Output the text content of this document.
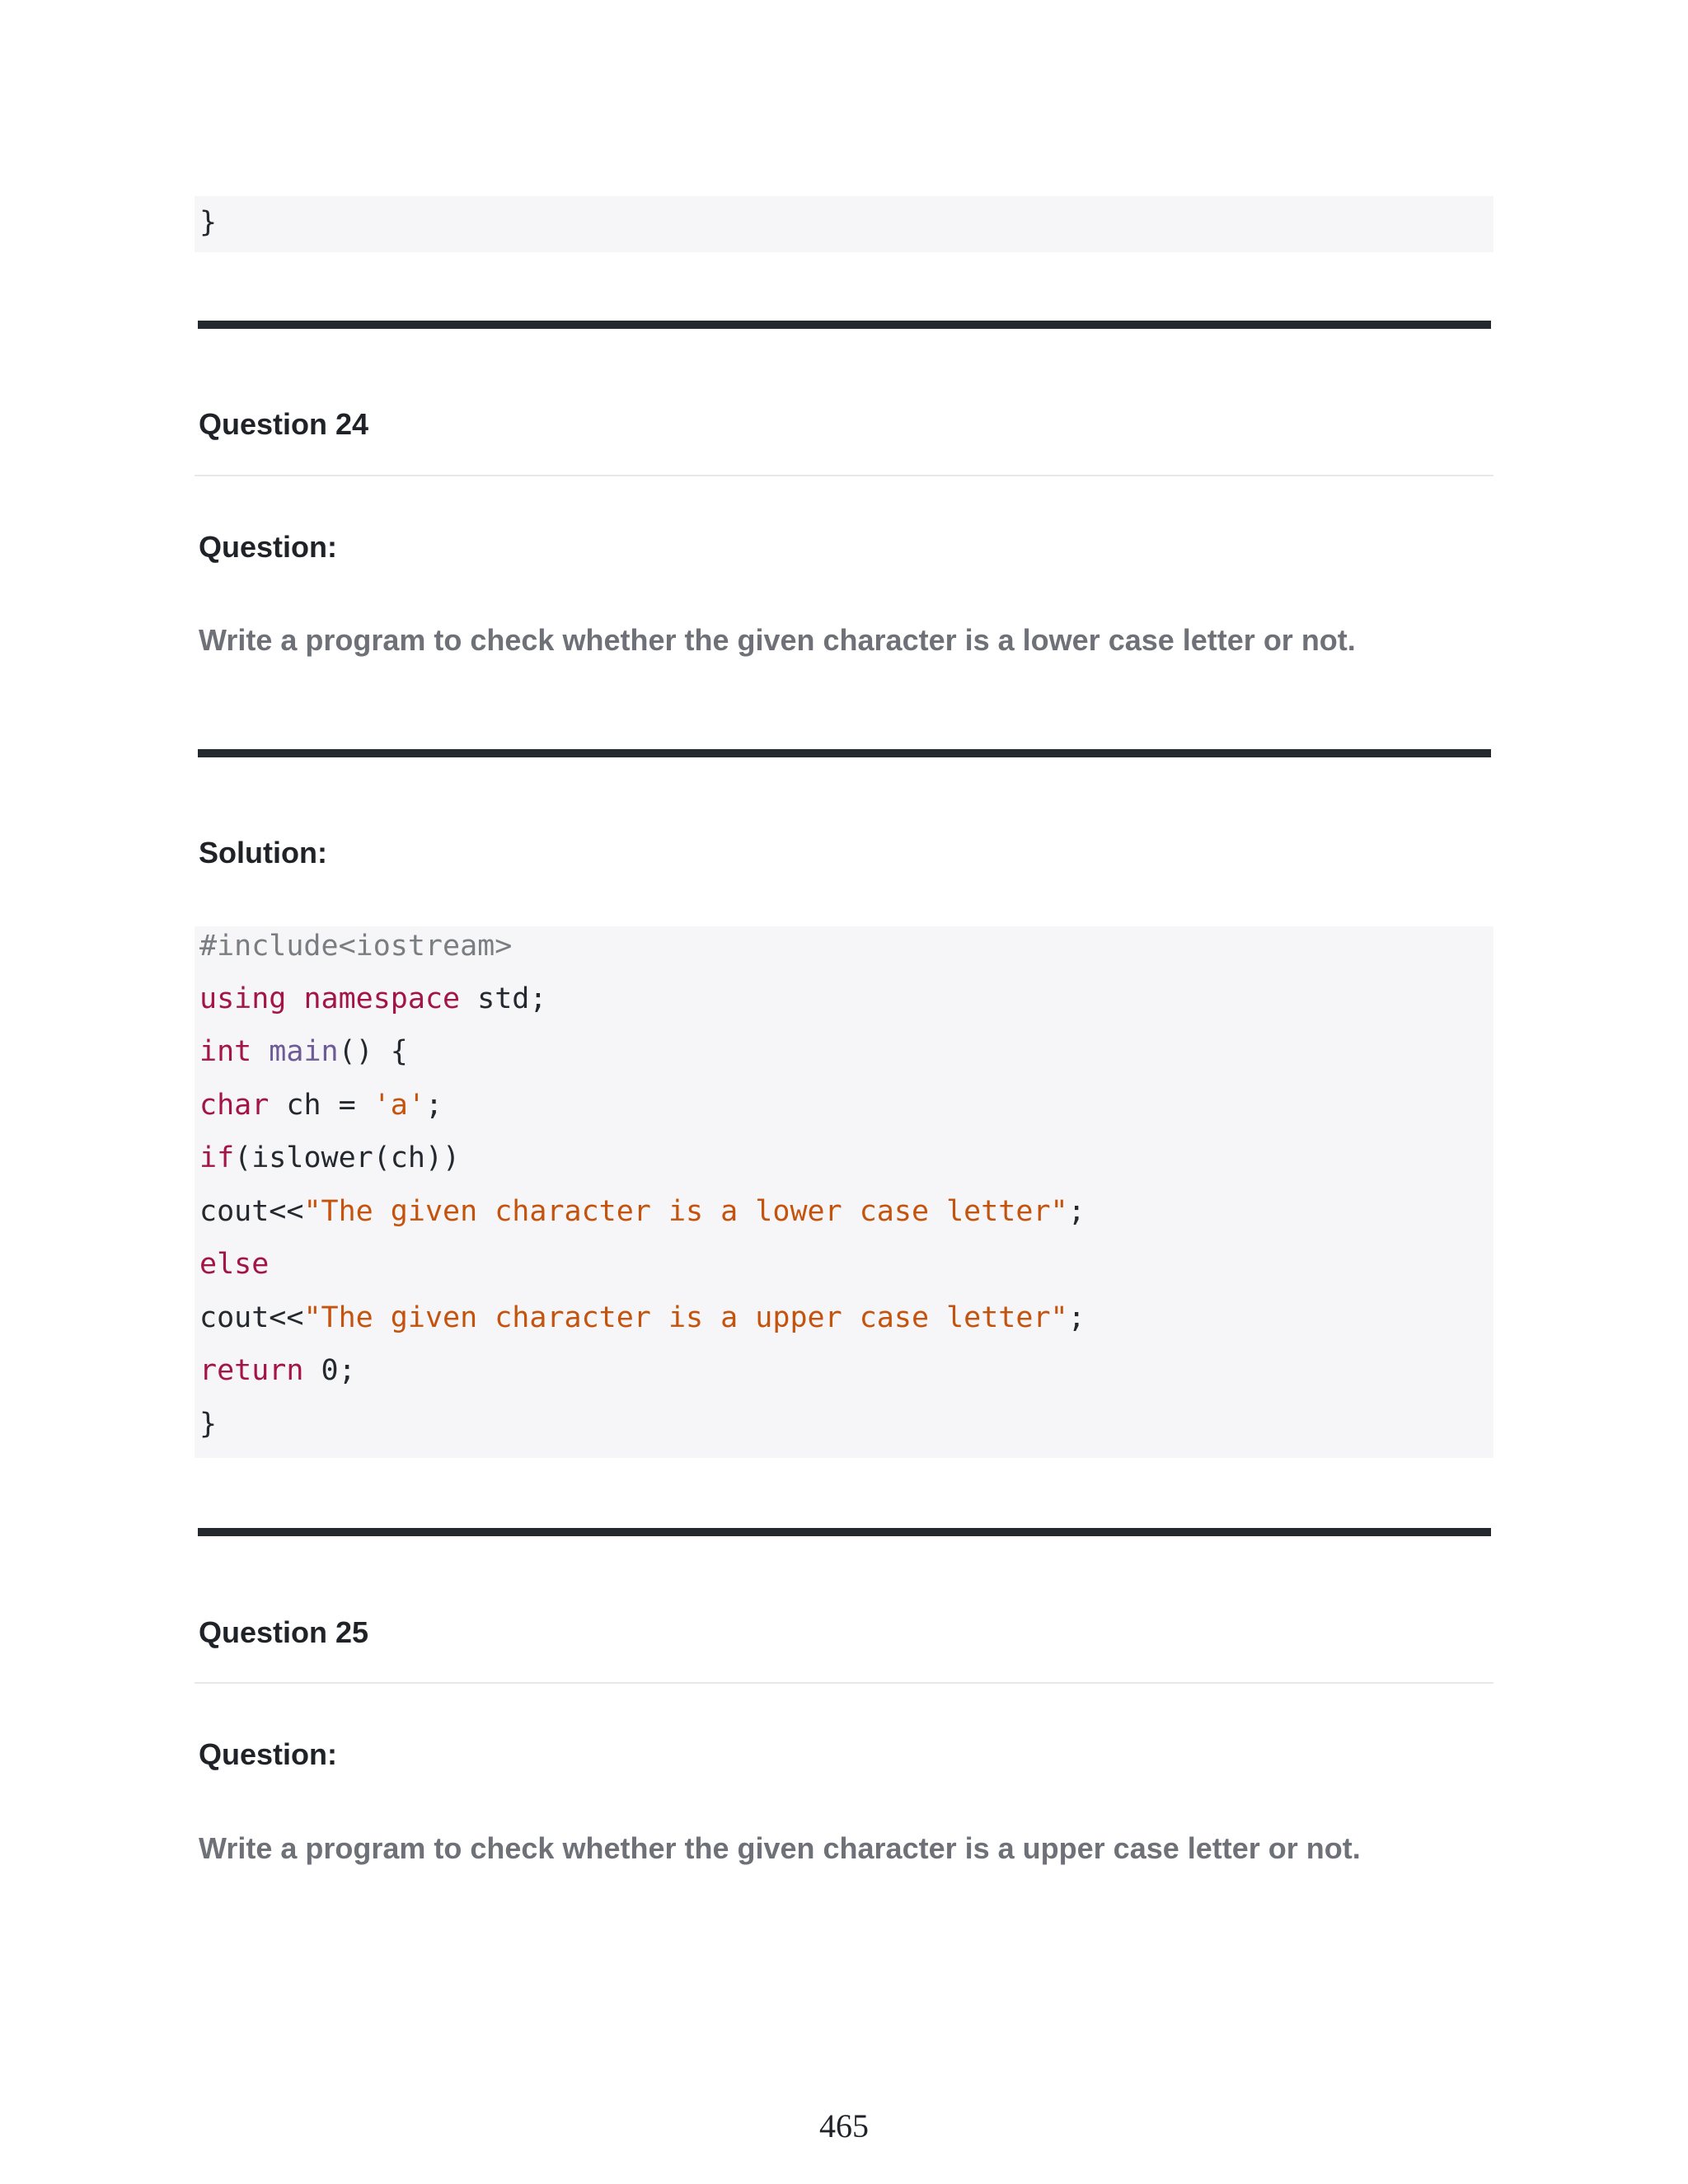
}
Question 24
Question:
Write a program to check whether the given character is a lower case letter or not.
Solution:
#include<iostream>
using namespace std;
int main() {
char ch = 'a';
if(islower(ch))
cout<<"The given character is a lower case letter";
else
cout<<"The given character is a upper case letter";
return 0;
}
Question 25
Question:
Write a program to check whether the given character is a upper case letter or not.
465
